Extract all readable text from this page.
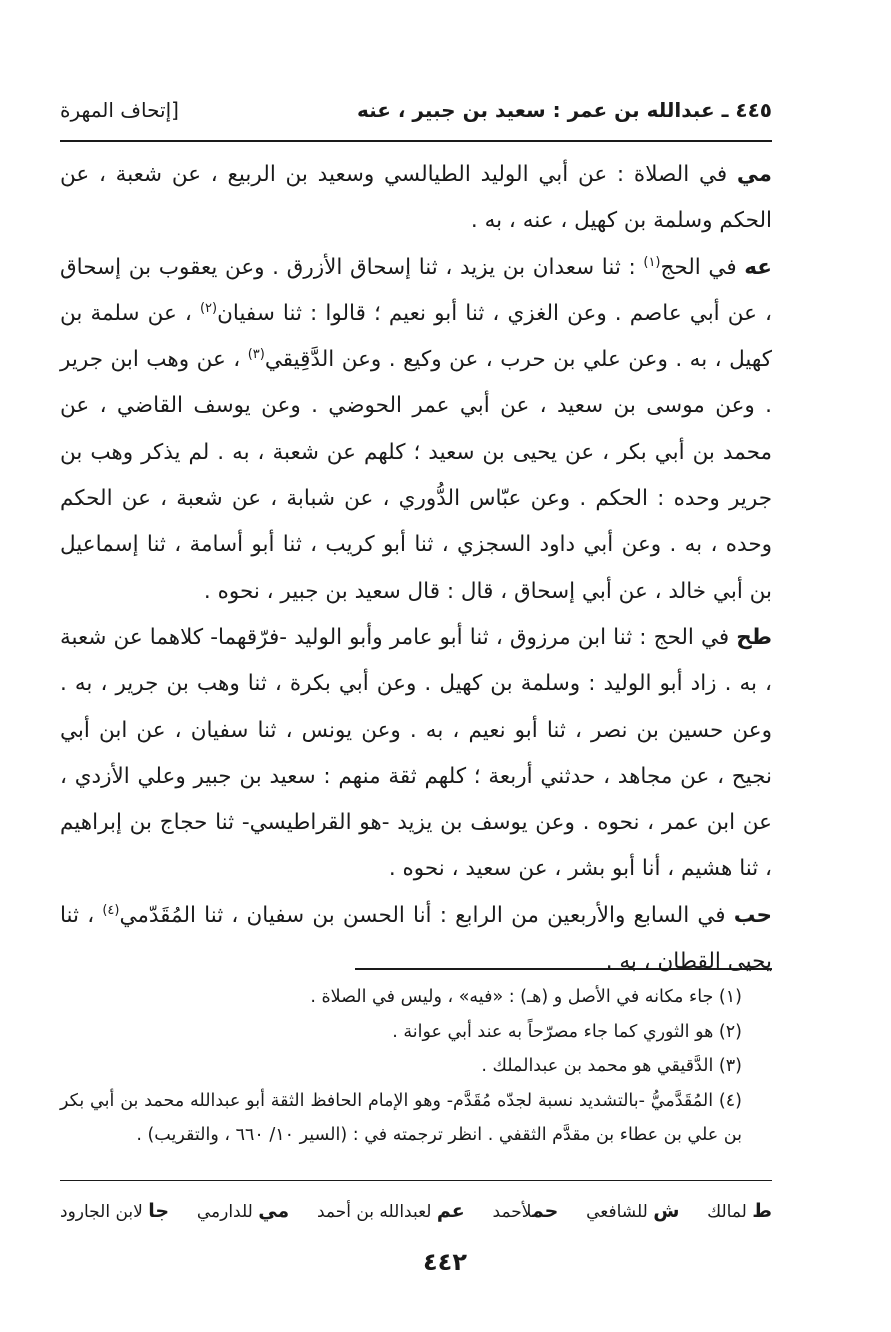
٤٤٥ ـ عبدالله بن عمر : سعيد بن جبير ، عنه
[إتحاف المهرة

مي في الصلاة : عن أبي الوليد الطيالسي وسعيد بن الربيع ، عن شعبة ، عن الحكم وسلمة بن كهيل ، عنه ، به .

عه في الحج$^{(١)}$ : ثنا سعدان بن يزيد ، ثنا إسحاق الأزرق . وعن يعقوب بن إسحاق ، عن أبي عاصم . وعن الغزي ، ثنا أبو نعيم ؛ قالوا : ثنا سفيان$^{(٢)}$ ، عن سلمة بن كهيل ، به . وعن علي بن حرب ، عن وكيع . وعن الدَّقِيقي$^{(٣)}$ ، عن وهب ابن جرير . وعن موسى بن سعيد ، عن أبي عمر الحوضي . وعن يوسف القاضي ، عن محمد بن أبي بكر ، عن يحيى بن سعيد ؛ كلهم عن شعبة ، به . لم يذكر وهب بن جرير وحده : الحكم . وعن عبّاس الدُّوري ، عن شبابة ، عن شعبة ، عن الحكم وحده ، به . وعن أبي داود السجزي ، ثنا أبو كريب ، ثنا أبو أسامة ، ثنا إسماعيل بن أبي خالد ، عن أبي إسحاق ، قال : قال سعيد بن جبير ، نحوه .

طح في الحج : ثنا ابن مرزوق ، ثنا أبو عامر وأبو الوليد -فرّقهما- كلاهما عن شعبة ، به . زاد أبو الوليد : وسلمة بن كهيل . وعن أبي بكرة ، ثنا وهب بن جرير ، به . وعن حسين بن نصر ، ثنا أبو نعيم ، به . وعن يونس ، ثنا سفيان ، عن ابن أبي نجيح ، عن مجاهد ، حدثني أربعة ؛ كلهم ثقة منهم : سعيد بن جبير وعلي الأزدي ، عن ابن عمر ، نحوه . وعن يوسف بن يزيد -هو القراطيسي- ثنا حجاج بن إبراهيم ، ثنا هشيم ، أنا أبو بشر ، عن سعيد ، نحوه .

حب في السابع والأربعين من الرابع : أنا الحسن بن سفيان ، ثنا المُقَدّمي$^{(٤)}$ ، ثنا يحيى القطان ، به .

(١) جاء مكانه في الأصل و (هـ) : «فيه» ، وليس في الصلاة .

(٢) هو الثوري كما جاء مصرّحاً به عند أبي عوانة .

(٣) الدَّقيقي هو محمد بن عبدالملك .

(٤) المُقَدَّميُّ -بالتشديد نسبة لجدّه مُقَدَّم- وهو الإمام الحافظ الثقة أبو عبدالله محمد بن أبي بكر بن علي بن عطاء بن مقدَّم الثقفي . انظر ترجمته في : (السير ١٠/ ٦٦٠ ، والتقريب) .

ط لمالك
ش للشافعي
حملأحمد
عم لعبدالله بن أحمد
مي للدارمي
جا لابن الجارود
٤٤٢
